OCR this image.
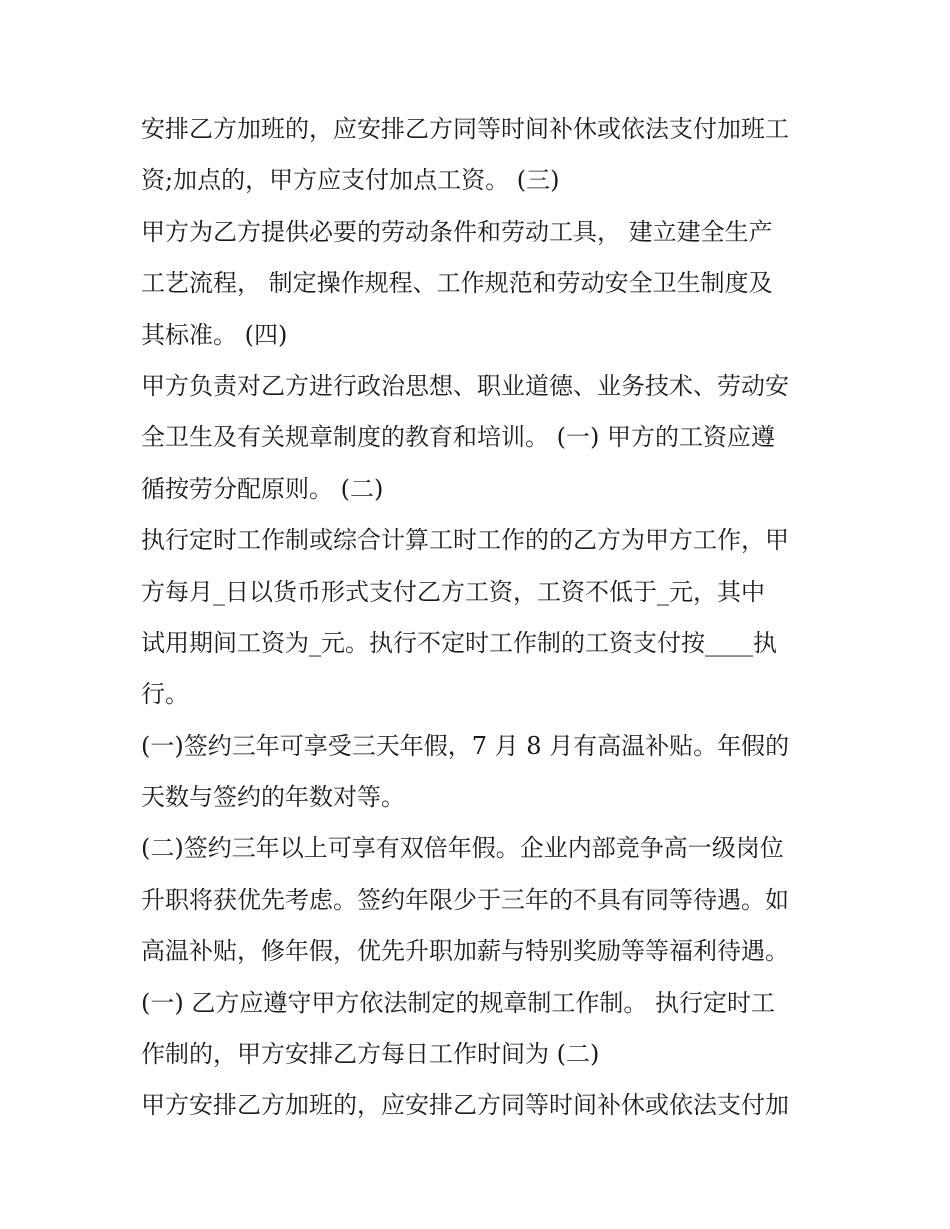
安排乙方加班的，应安排乙方同等时间补休或依法支付加班工
资;加点的，甲方应支付加点工资。 (三)
甲方为乙方提供必要的劳动条件和劳动工具， 建立建全生产
工艺流程， 制定操作规程、工作规范和劳动安全卫生制度及
其标准。 (四)
甲方负责对乙方进行政治思想、职业道德、业务技术、劳动安
全卫生及有关规章制度的教育和培训。 (一) 甲方的工资应遵
循按劳分配原则。 (二)
执行定时工作制或综合计算工时工作的的乙方为甲方工作，甲
方每月_日以货币形式支付乙方工资，工资不低于_元，其中
试用期间工资为_元。执行不定时工作制的工资支付按____执
行。
(一)签约三年可享受三天年假，7 月 8 月有高温补贴。年假的
天数与签约的年数对等。
(二)签约三年以上可享有双倍年假。企业内部竞争高一级岗位
升职将获优先考虑。签约年限少于三年的不具有同等待遇。如
高温补贴，修年假，优先升职加薪与特别奖励等等福利待遇。
(一) 乙方应遵守甲方依法制定的规章制工作制。 执行定时工
作制的，甲方安排乙方每日工作时间为 (二)
甲方安排乙方加班的，应安排乙方同等时间补休或依法支付加
